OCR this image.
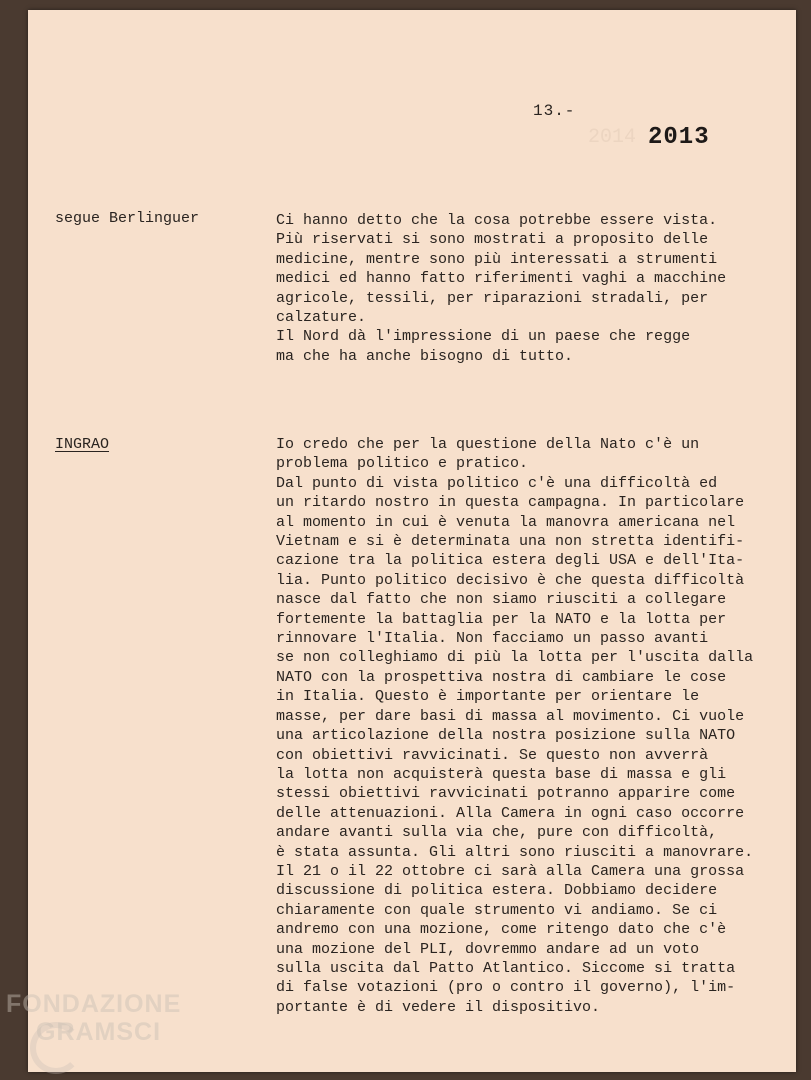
2014
13.-
2013
segue Berlinguer	Ci hanno detto che la cosa potrebbe essere vista.
Più riservati si sono mostrati a proposito delle
medicine, mentre sono più interessati a strumenti
medici ed hanno fatto riferimenti vaghi a macchine
agricole, tessili, per riparazioni stradali, per
calzature.
Il Nord dà l'impressione di un paese che regge
ma che ha anche bisogno di tutto.
INGRAO	Io credo che per la questione della Nato c'è un
problema politico e pratico.
Dal punto di vista politico c'è una difficoltà ed
un ritardo nostro in questa campagna. In particolare
al momento in cui è venuta la manovra americana nel
Vietnam e si è determinata una non stretta identifi-
cazione tra la politica estera degli USA e dell'Ita-
lia. Punto politico decisivo è che questa difficoltà
nasce dal fatto che non siamo riusciti a collegare
fortemente la battaglia per la NATO e la lotta per
rinnovare l'Italia. Non facciamo un passo avanti
se non colleghiamo di più la lotta per l'uscita dalla
NATO con la prospettiva nostra di cambiare le cose
in Italia. Questo è importante per orientare le
masse, per dare basi di massa al movimento. Ci vuole
una articolazione della nostra posizione sulla NATO
con obiettivi ravvicinati. Se questo non avverrà
la lotta non acquisterà questa base di massa e gli
stessi obiettivi ravvicinati potranno apparire come
delle attenuazioni. Alla Camera in ogni caso occorre
andare avanti sulla via che, pure con difficoltà,
è stata assunta. Gli altri sono riusciti a manovrare.
Il 21 o il 22 ottobre ci sarà alla Camera una grossa
discussione di politica estera. Dobbiamo decidere
chiaramente con quale strumento vi andiamo. Se ci
andremo con una mozione, come ritengo dato che c'è
una mozione del PLI, dovremmo andare ad un voto
sulla uscita dal Patto Atlantico. Siccome si tratta
di false votazioni (pro o contro il governo), l'im-
portante è di vedere il dispositivo.
FONDAZIONE
GRAMSCI
